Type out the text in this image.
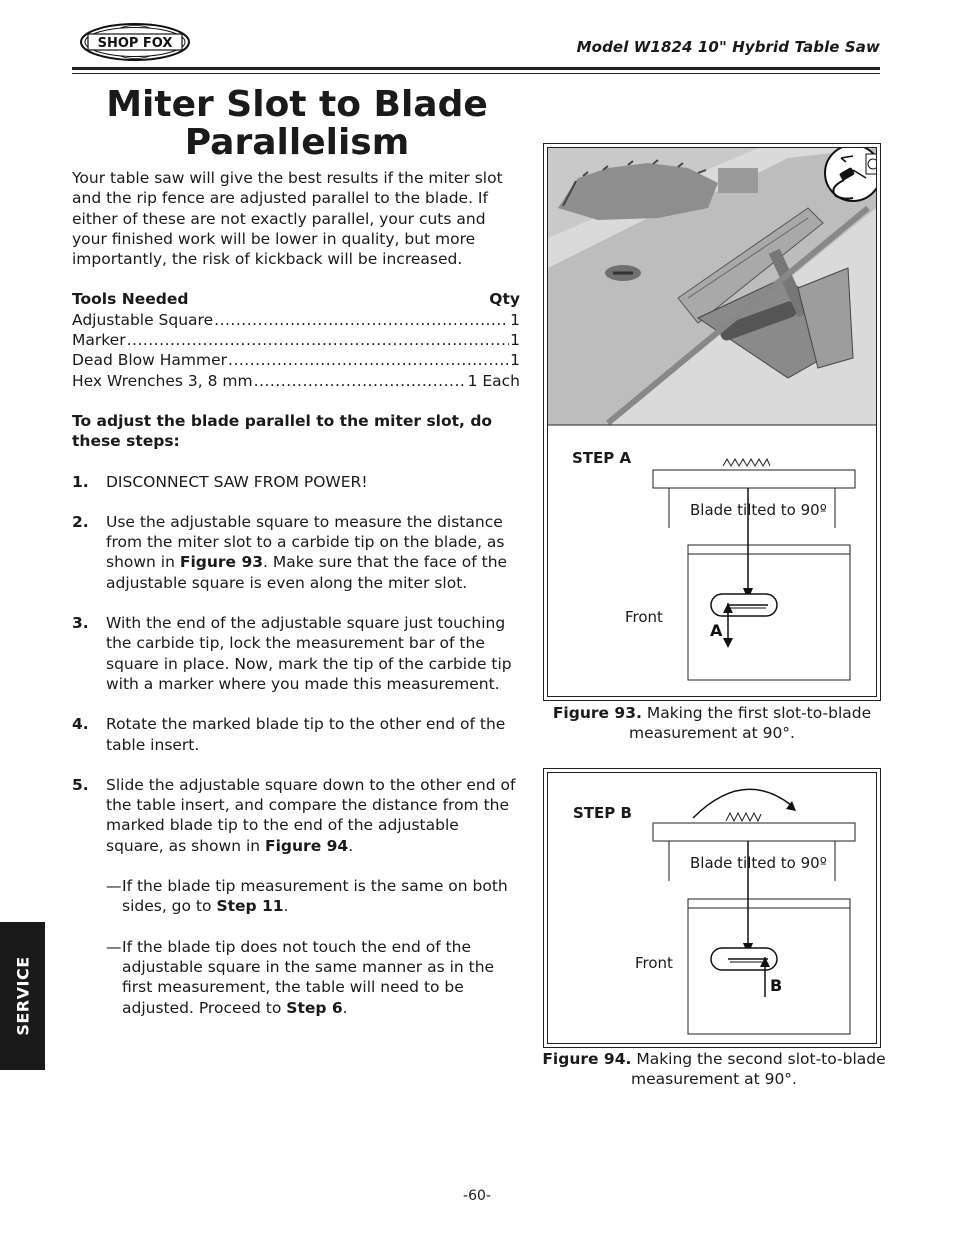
SHOP FOX	Model W1824 10" Hybrid Table Saw
Miter Slot to Blade
Parallelism

Your table saw will give the best results if the miter slot and the rip fence are adjusted parallel to the blade. If either of these are not exactly parallel, your cuts and your finished work will be lower in quality, but more importantly, the risk of kickback will be increased.

Tools Needed	Qty
Adjustable Square .....	1
Marker .....	1
Dead Blow Hammer .....	1
Hex Wrenches 3, 8 mm .....	1 Each

To adjust the blade parallel to the miter slot, do these steps:

1.	DISCONNECT SAW FROM POWER!
2.	Use the adjustable square to measure the distance from the miter slot to a carbide tip on the blade, as shown in Figure 93. Make sure that the face of the adjustable square is even along the miter slot.
3.	With the end of the adjustable square just touching the carbide tip, lock the measurement bar of the square in place. Now, mark the tip of the carbide tip with a marker where you made this measurement.
4.	Rotate the marked blade tip to the other end of the table insert.
5.	Slide the adjustable square down to the other end of the table insert, and compare the distance from the marked blade tip to the end of the adjustable square, as shown in Figure 94.
— If the blade tip measurement is the same on both sides, go to Step 11.
— If the blade tip does not touch the end of the adjustable square in the same manner as in the first measurement, the table will need to be adjusted. Proceed to Step 6.
STEP A
Blade tilted to 90º
Front
A
Figure 93. Making the first slot-to-blade measurement at 90°.
STEP B
Blade tilted to 90º
Front
B
Figure 94. Making the second slot-to-blade measurement at 90°.
SERVICE
-60-
